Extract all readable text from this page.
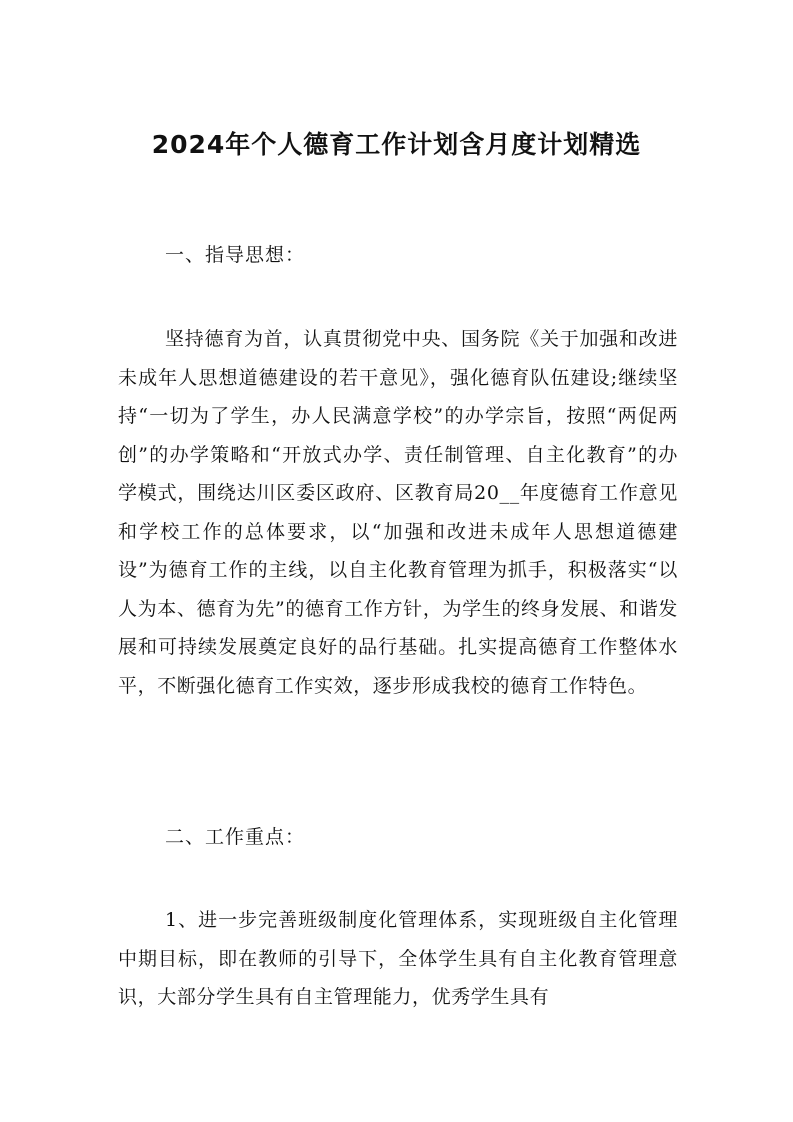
2024年个人德育工作计划含月度计划精选

一、指导思想：

坚持德育为首，认真贯彻党中央、国务院《关于加强和改进未成年人思想道德建设的若干意见》，强化德育队伍建设;继续坚持“一切为了学生，办人民满意学校”的办学宗旨，按照“两促两创”的办学策略和“开放式办学、责任制管理、自主化教育”的办学模式，围绕达川区委区政府、区教育局20__年度德育工作意见和学校工作的总体要求，以“加强和改进未成年人思想道德建设”为德育工作的主线，以自主化教育管理为抓手，积极落实“以人为本、德育为先”的德育工作方针，为学生的终身发展、和谐发展和可持续发展奠定良好的品行基础。扎实提高德育工作整体水平，不断强化德育工作实效，逐步形成我校的德育工作特色。

二、工作重点：

1、进一步完善班级制度化管理体系，实现班级自主化管理中期目标，即在教师的引导下，全体学生具有自主化教育管理意识，大部分学生具有自主管理能力，优秀学生具有
